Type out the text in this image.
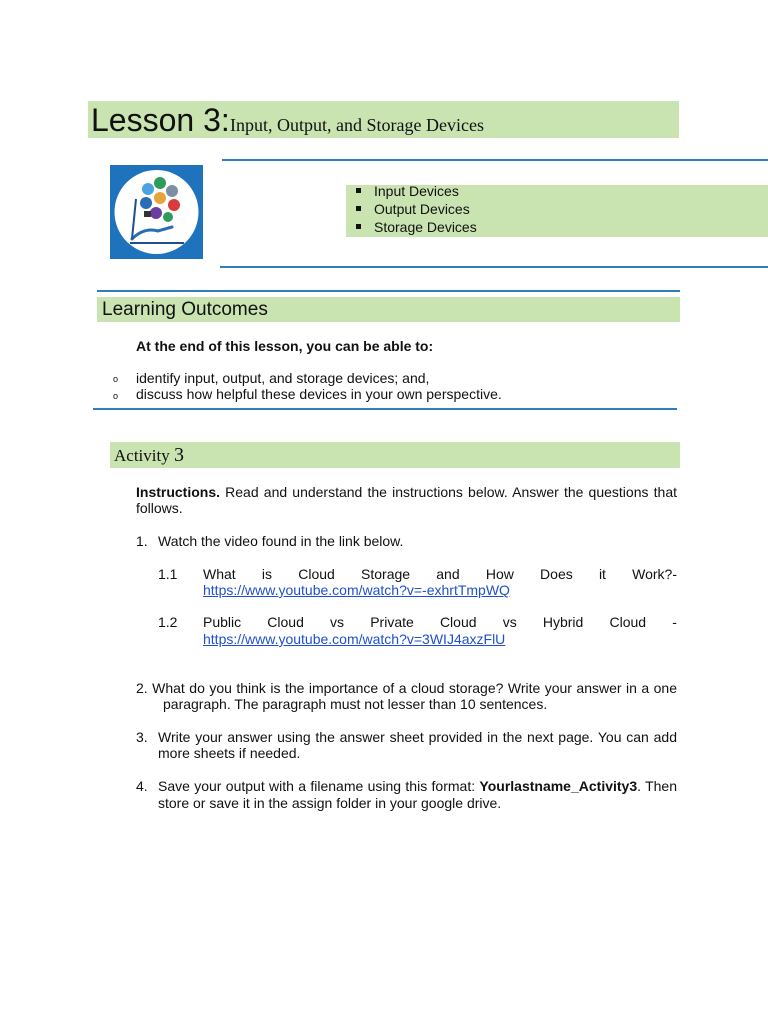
Lesson 3: Input, Output, and Storage Devices
Input Devices
Output Devices
Storage Devices
Learning Outcomes
At the end of this lesson, you can be able to:
o identify input, output, and storage devices; and,
o discuss how helpful these devices in your own perspective.
Activity 3
Instructions. Read and understand the instructions below. Answer the questions that
follows.
1. Watch the video found in the link below.
1.1 What is Cloud Storage and How Does it Work?-
https://www.youtube.com/watch?v=-exhrtTmpWQ
1.2 Public Cloud vs Private Cloud vs Hybrid Cloud -
https://www.youtube.com/watch?v=3WIJ4axzFlU
2. What do you think is the importance of a cloud storage? Write your answer in a one
paragraph. The paragraph must not lesser than 10 sentences.
3. Write your answer using the answer sheet provided in the next page. You can add
more sheets if needed.
4. Save your output with a filename using this format: Yourlastname_Activity3. Then
store or save it in the assign folder in your google drive.
